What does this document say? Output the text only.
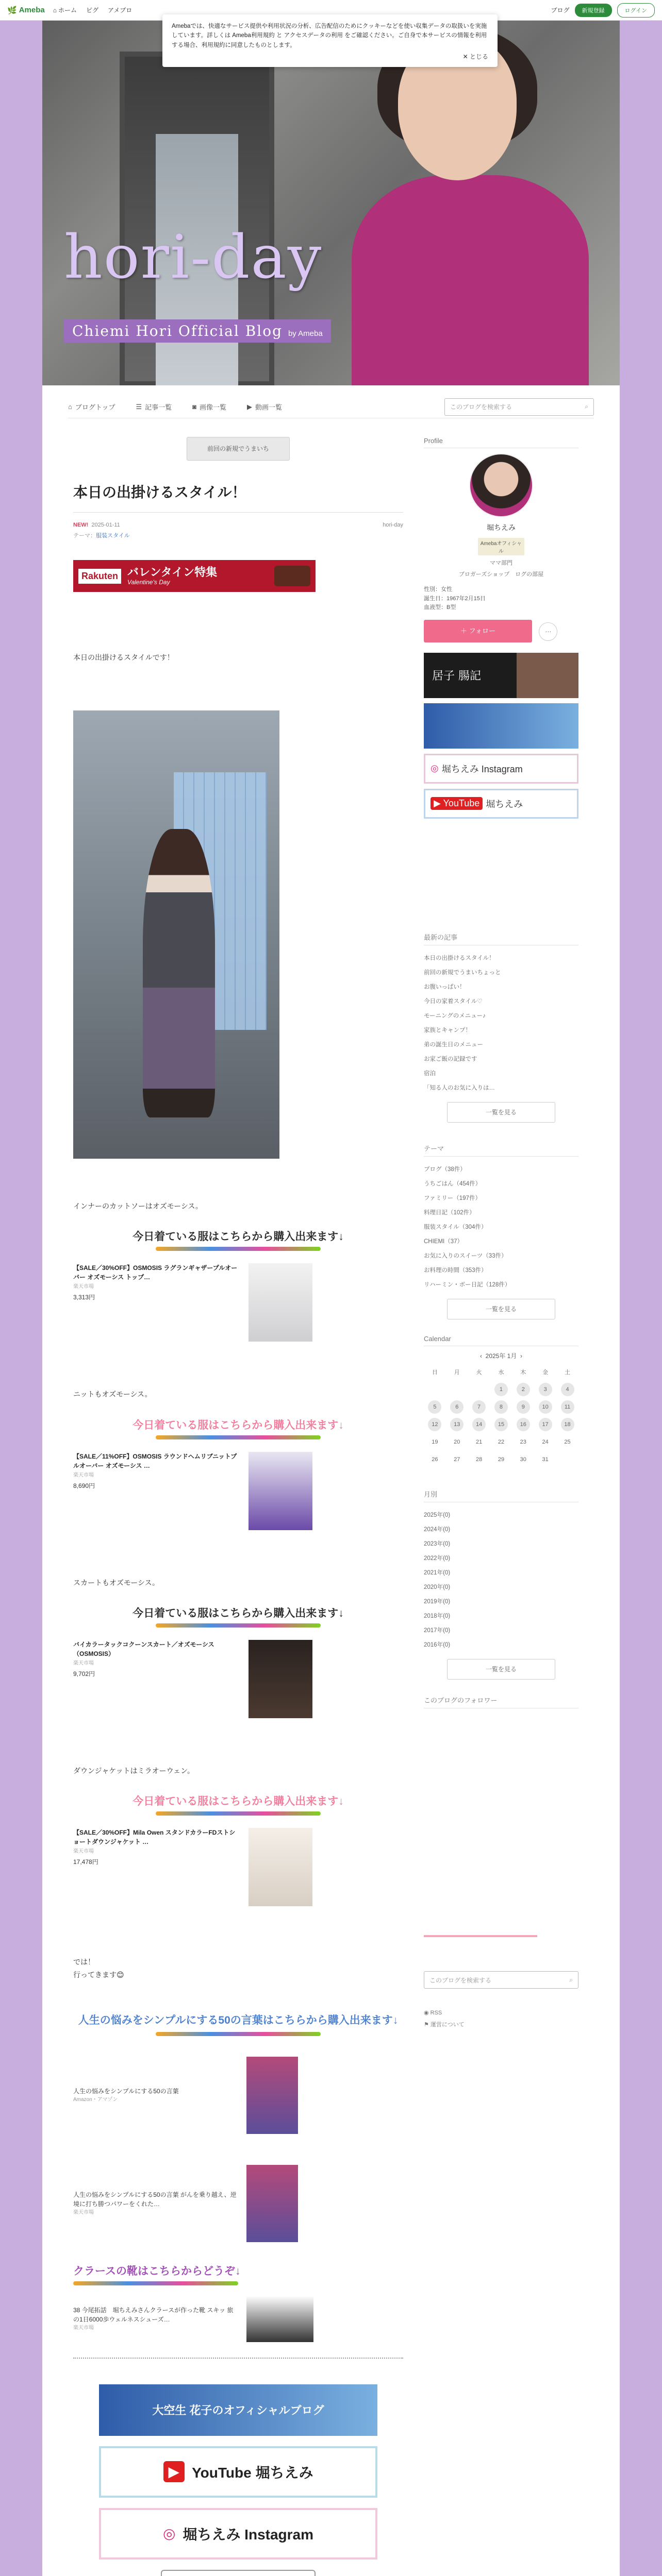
🌿 Ameba ⌂ ホーム ピグ アメブロ	ブログ	新規登録	ログイン

Amebaでは、快適なサービス提供や利用状況の分析、広告配信のためにクッキーなどを使い収集データの取扱いを実施しています。詳しくは Ameba利用規約 と アクセスデータの利用 をご確認ください。ご自身で本サービスの情報を利用する場合、利用規約に同意したものとします。

✕ とじる
hori-day
Chiemi Hori Official Blog by Ameba
⌂ ブログトップ	☰ 記事一覧	◙ 画像一覧	▶ 動画一覧	このブログを検索する	⌕
前回の新規でうまいち
本日の出掛けるスタイル！
NEW! 2025-01-11	hori-day
テーマ：服装スタイル
Rakuten バレンタイン特集
Valentine's Day

本日の出掛けるスタイルです！

インナーのカットソーはオズモーシス。

今日着ている服はこちらから購入出来ます↓
【SALE／30%OFF】OSMOSIS ラグランギャザープルオーバー オズモーシス トップ…
楽天市場
3,313円

ニットもオズモーシス。

今日着ている服はこちらから購入出来ます↓
【SALE／11%OFF】OSMOSIS ラウンドヘムリブニットプルオーバー オズモーシス …
楽天市場
8,690円

スカートもオズモーシス。

今日着ている服はこちらから購入出来ます↓
バイカラータックコクーンスカート／オズモーシス（OSMOSIS）
楽天市場
9,702円

ダウンジャケットはミラオーウェン。

今日着ている服はこちらから購入出来ます↓
【SALE／30%OFF】Mila Owen スタンドカラーFDストショートダウンジャケット …
楽天市場
17,478円
Profile
堀ちえみ
Amebaオフィシャル
ママ部門
ブロガーズショップ　ログの部屋
性別：女性
誕生日：1967年2月15日
血液型：B型
＋ フォロー	⋯
居子 腸記
◎ 堀ちえみ Instagram
▶ YouTube 堀ちえみ
最新の記事
本日の出掛けるスタイル！
前回の新規でうまいちょっと
お腹いっぱい！
今日の家着スタイル♡
モーニングのメニュー♪
家族とキャンプ！
弟の誕生日のメニュー
お家ご飯の記録です
宿泊
「知る人のお気に入りは…
一覧を見る
テーマ
ブログ（38件）
うちごはん（454件）
ファミリー（197件）
料理日記（102件）
服装スタイル（304件）
CHIEMI（37）
お気に入りのスイーツ（33件）
お料理の時間（353件）
リハーミン・ボー日記（128件）
一覧を見る
Calendar
‹ 2025年 1月 ›
日	月	火	水	木	金	土
			1	2	3	4
5	6	7	8	9	10	11
12	13	14	15	16	17	18
19	20	21	22	23	24	25
26	27	28	29	30	31	
月別
2025年(0)
2024年(0)
2023年(0)
2022年(0)
2021年(0)
2020年(0)
2019年(0)
2018年(0)
2017年(0)
2016年(0)
一覧を見る
このブログのフォロワー

では！

行ってきます😊

人生の悩みをシンプルにする50の言葉はこちらから購入出来ます↓
人生の悩みをシンプルにする50の言葉
Amazon・アマゾン
人生の悩みをシンプルにする50の言葉 がんを乗り越え、逆境に打ち勝つパワーをくれた…
楽天市場
クラースの靴はこちらからどうぞ↓
38 今尾拓話　堀ちえみさんクラースが作った靴 スキッ 旅の1日6000歩ウェルネスシューズ…
楽天市場
大空生 花子のオフィシャルブログ
▶ YouTube 堀ちえみ
◎ 堀ちえみ Instagram
このブログを検索する	⌕
◉ RSS
⚑ 運営について
